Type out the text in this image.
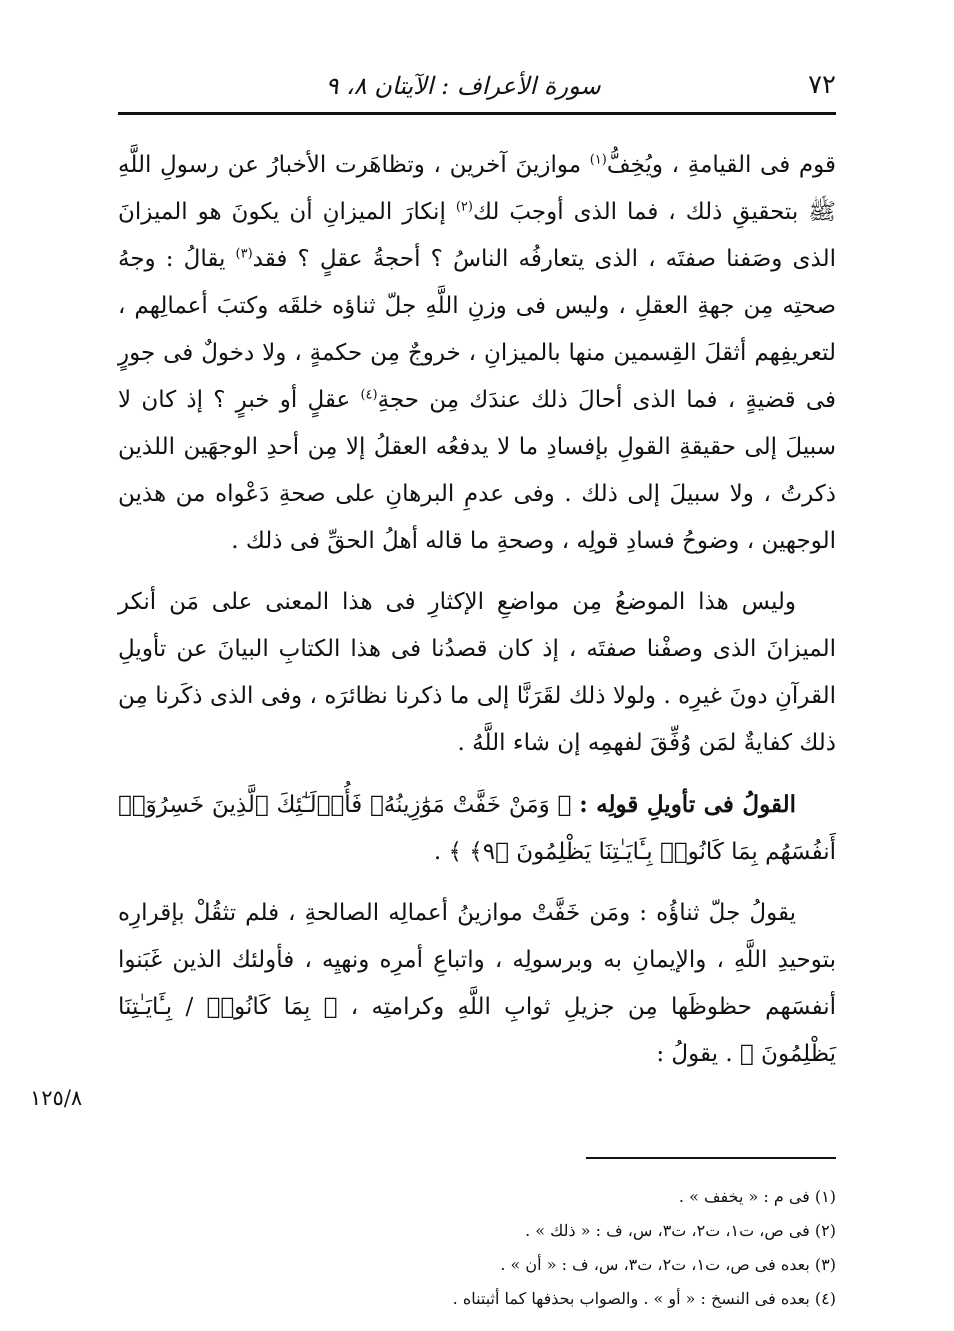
٧٢
سورة الأعراف : الآيتان ٨، ٩

قوم فى القيامةِ ، ويُخِفُّ$^{(١)}$ موازينَ آخرين ، وتظاهَرت الأخبارُ عن رسولِ اللَّهِ ﷺ بتحقيقِ ذلك ، فما الذى أوجبَ لك$^{(٢)}$ إنكارَ الميزانِ أن يكونَ هو الميزانَ الذى وصَفنا صفتَه ، الذى يتعارفُه الناسُ ؟ أحجةُ عقلٍ ؟ فقد$^{(٣)}$ يقالُ : وجهُ صحتِه مِن جهةِ العقلِ ، وليس فى وزنِ اللَّهِ جلّ ثناؤه خلقَه وكتبَ أعمالِهم ، لتعريفِهم أثقلَ القِسمين منها بالميزانِ ، خروجٌ مِن حكمةٍ ، ولا دخولٌ فى جورٍ فى قضيةٍ ، فما الذى أحالَ ذلك عندَك مِن حجةِ$^{(٤)}$ عقلٍ أو خبرٍ ؟ إذ كان لا سبيلَ إلى حقيقةِ القولِ بإفسادِ ما لا يدفعُه العقلُ إلا مِن أحدِ الوجهَين اللذين ذكرتُ ، ولا سبيلَ إلى ذلك . وفى عدمِ البرهانِ على صحةِ دَعْواه من هذين الوجهين ، وضوحُ فسادِ قولِه ، وصحةِ ما قاله أهلُ الحقِّ فى ذلك .

وليس هذا الموضعُ مِن مواضعِ الإكثارِ فى هذا المعنى على مَن أنكر الميزانَ الذى وصفْنا صفتَه ، إذ كان قصدُنا فى هذا الكتابِ البيانَ عن تأويلِ القرآنِ دونَ غيرِه . ولولا ذلك لقَرَنَّا إلى ما ذكرنا نظائرَه ، وفى الذى ذكَرنا مِن ذلك كفايةٌ لمَن وُفِّقَ لفهمِه إن شاء اللَّهُ .

القولُ فى تأويلِ قولِه : ﴿ وَمَنْ خَفَّتْ مَوَٰزِينُهُۥ فَأُو۟لَـٰٓئِكَ ٱلَّذِينَ خَسِرُوٓا۟ أَنفُسَهُم بِمَا كَانُوا۟ بِـَٔايَـٰتِنَا يَظْلِمُونَ ﴿٩﴾ ﴾ .

يقولُ جلّ ثناؤُه : ومَن خَفَّتْ موازينُ أعمالِه الصالحةِ ، فلم تثقُلْ بإقرارِه بتوحيدِ اللَّهِ ، والإيمانِ به وبرسولِه ، واتباعِ أمرِه ونهيِه ، فأولئك الذين غَبَنوا أنفسَهم حظوظَها مِن جزيلِ ثوابِ اللَّهِ وكرامتِه ، ﴿ بِمَا كَانُوا۟ / بِـَٔايَـٰتِنَا يَظْلِمُونَ ﴾ . يقولُ :

١٢٥/٨
(١) فى م : « يخفف » .
(٢) فى ص، ت١، ت٢، ت٣، س، ف : « ذلك » .
(٣) بعده فى ص، ت١، ت٢، ت٣، س، ف : « أن » .
(٤) بعده فى النسخ : « أو » . والصواب بحذفها كما أثبتناه .
